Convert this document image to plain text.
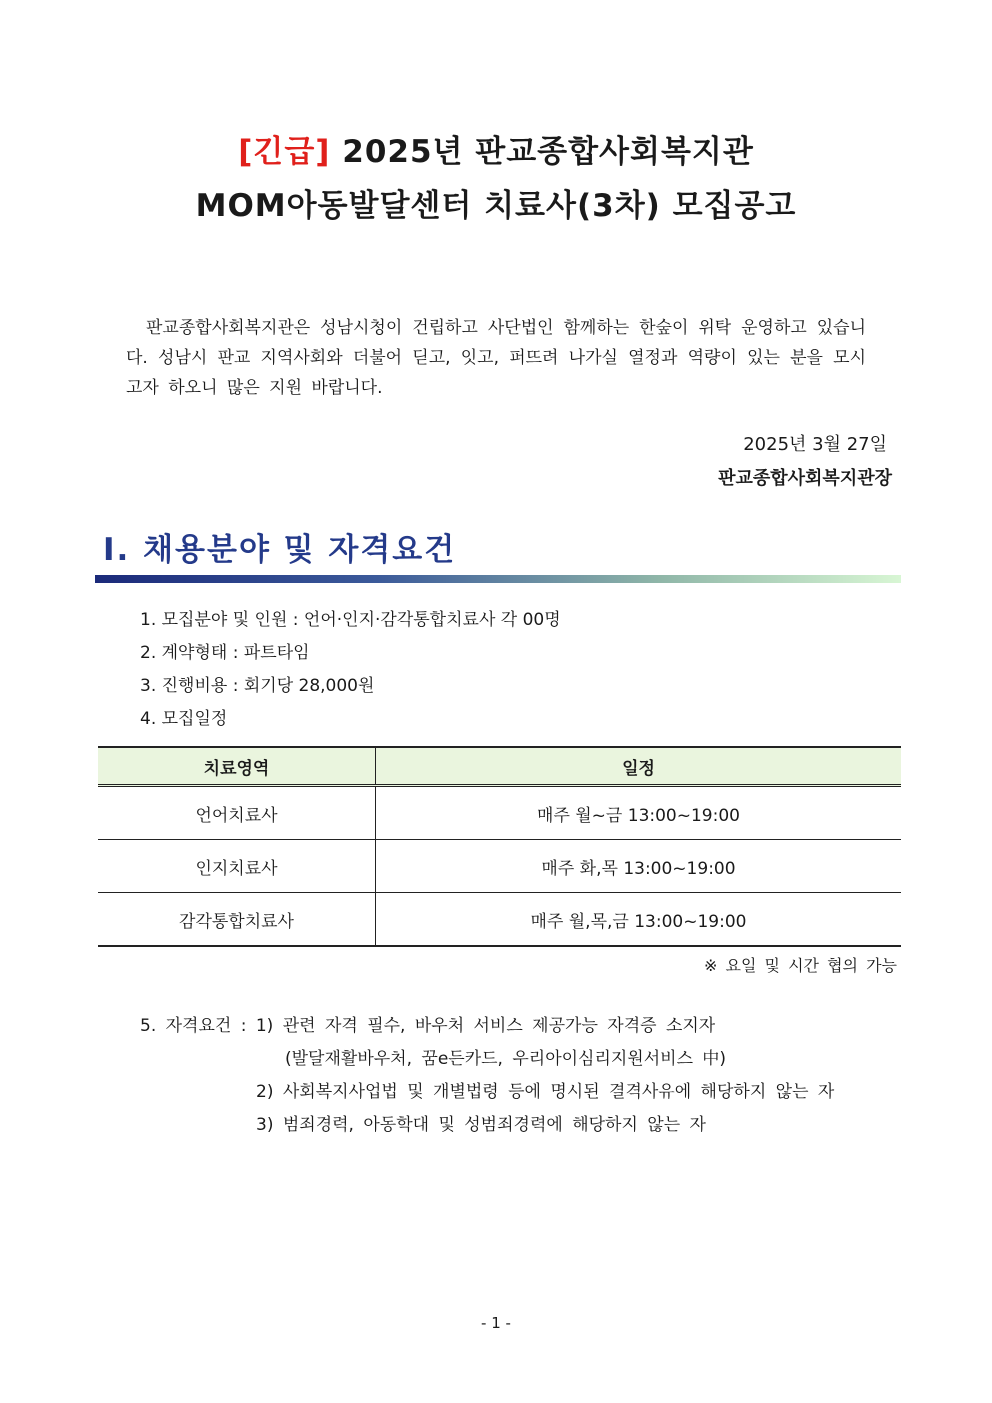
[긴급] 2025년 판교종합사회복지관
MOM아동발달센터 치료사(3차) 모집공고
판교종합사회복지관은 성남시청이 건립하고 사단법인 함께하는 한숲이 위탁 운영하고 있습니다. 성남시 판교 지역사회와 더불어 딛고, 잇고, 퍼뜨려 나가실 열정과 역량이 있는 분을 모시고자 하오니 많은 지원 바랍니다.
2025년 3월 27일
판교종합사회복지관장
Ⅰ. 채용분야 및 자격요건
1. 모집분야 및 인원 : 언어·인지·감각통합치료사 각 00명
2. 계약형태 : 파트타임
3. 진행비용 : 회기당 28,000원
4. 모집일정
치료영역	일정
언어치료사	매주 월~금 13:00~19:00
인지치료사	매주 화,목 13:00~19:00
감각통합치료사	매주 월,목,금 13:00~19:00
※ 요일 및 시간 협의 가능
5. 자격요건 : 1) 관련 자격 필수, 바우처 서비스 제공가능 자격증 소지자
(발달재활바우처, 꿈e든카드, 우리아이심리지원서비스 中)
2) 사회복지사업법 및 개별법령 등에 명시된 결격사유에 해당하지 않는 자
3) 범죄경력, 아동학대 및 성범죄경력에 해당하지 않는 자
- 1 -
